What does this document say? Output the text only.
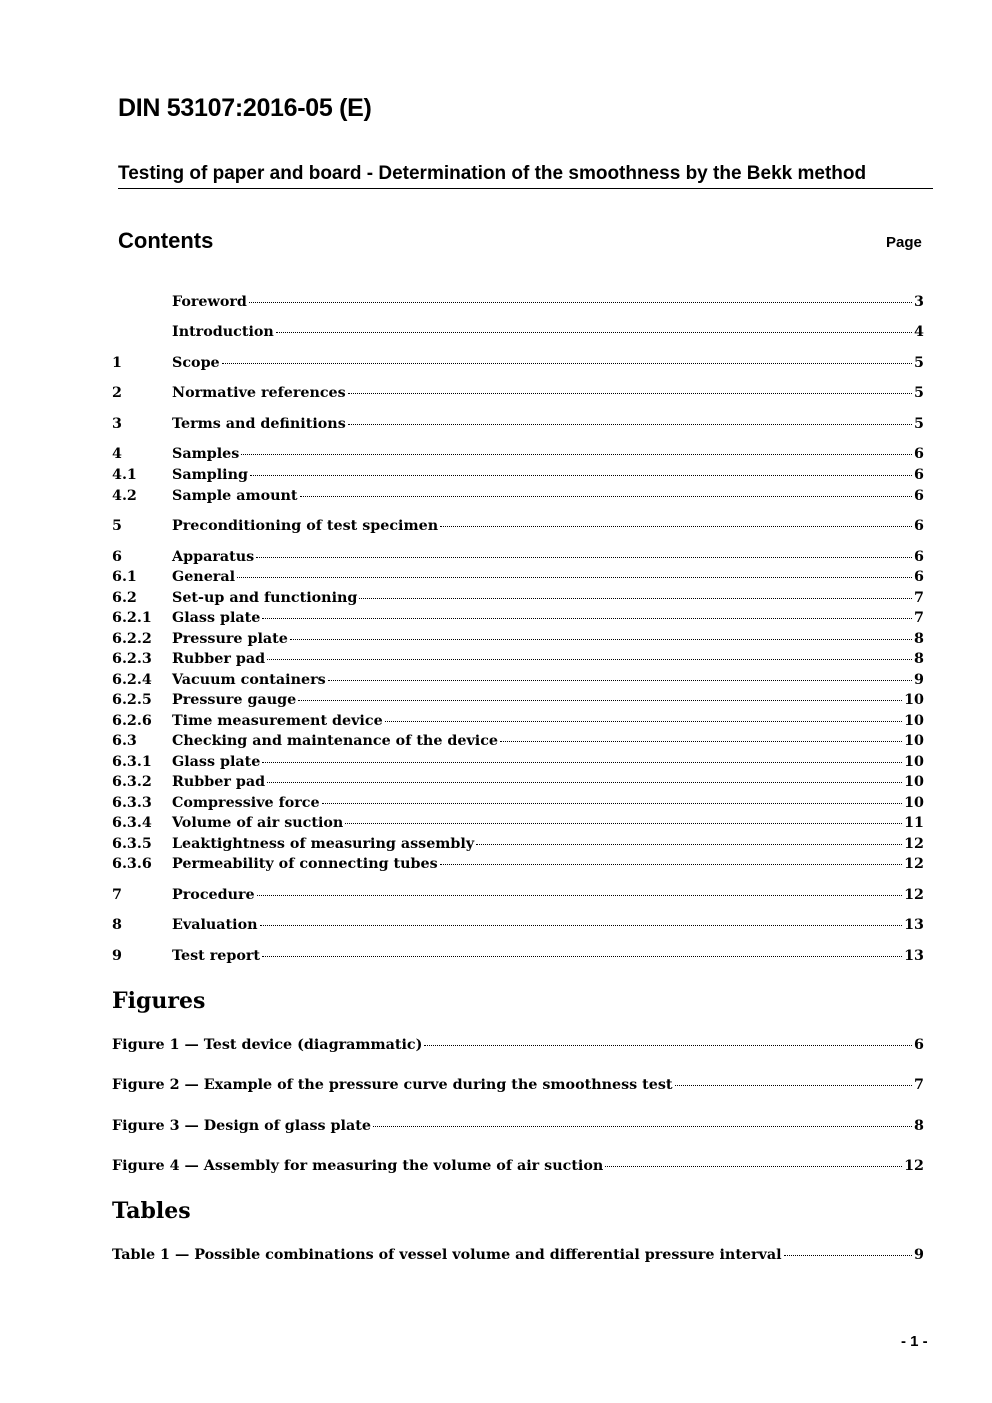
DIN 53107:2016-05 (E)
Testing of paper and board - Determination of the smoothness by the Bekk method
Contents	Page
Foreword	3
Introduction	4
1	Scope	5
2	Normative references	5
3	Terms and definitions	5
4	Samples	6
4.1	Sampling	6
4.2	Sample amount	6
5	Preconditioning of test specimen	6
6	Apparatus	6
6.1	General	6
6.2	Set-up and functioning	7
6.2.1	Glass plate	7
6.2.2	Pressure plate	8
6.2.3	Rubber pad	8
6.2.4	Vacuum containers	9
6.2.5	Pressure gauge	10
6.2.6	Time measurement device	10
6.3	Checking and maintenance of the device	10
6.3.1	Glass plate	10
6.3.2	Rubber pad	10
6.3.3	Compressive force	10
6.3.4	Volume of air suction	11
6.3.5	Leaktightness of measuring assembly	12
6.3.6	Permeability of connecting tubes	12
7	Procedure	12
8	Evaluation	13
9	Test report	13
Figures
Figure 1 — Test device (diagrammatic)	6
Figure 2 — Example of the pressure curve during the smoothness test	7
Figure 3 — Design of glass plate	8
Figure 4 — Assembly for measuring the volume of air suction	12
Tables
Table 1 — Possible combinations of vessel volume and differential pressure interval	9
- 1 -
